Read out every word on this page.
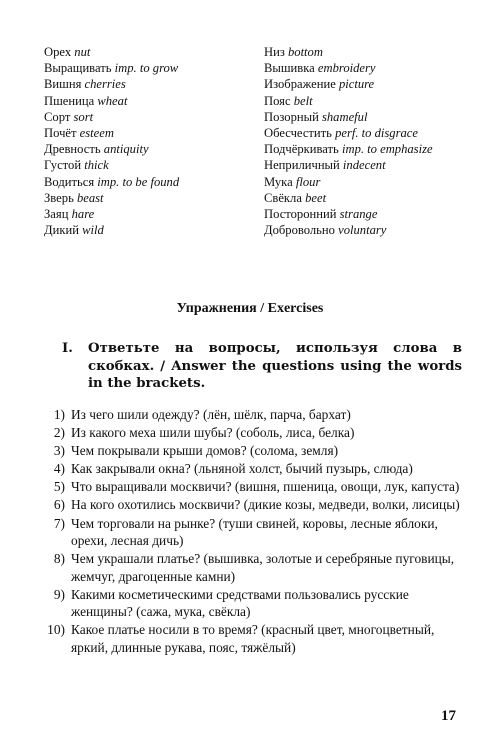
Орех nut
Выращивать imp. to grow
Вишня cherries
Пшеница wheat
Сорт sort
Почёт esteem
Древность antiquity
Густой thick
Водиться imp. to be found
Зверь beast
Заяц hare
Дикий wild
Низ bottom
Вышивка embroidery
Изображение picture
Пояс belt
Позорный shameful
Обесчестить perf. to disgrace
Подчёркивать imp. to emphasize
Неприличный indecent
Мука flour
Свёкла beet
Посторонний strange
Добровольно voluntary
Упражнения / Exercises
I. Ответьте на вопросы, используя слова в скобках. / Answer the questions using the words in the brackets.
1) Из чего шили одежду? (лён, шёлк, парча, бархат)
2) Из какого меха шили шубы? (соболь, лиса, белка)
3) Чем покрывали крыши домов? (солома, земля)
4) Как закрывали окна? (льняной холст, бычий пузырь, слюда)
5) Что выращивали москвичи? (вишня, пшеница, овощи, лук, капуста)
6) На кого охотились москвичи? (дикие козы, медведи, волки, лисицы)
7) Чем торговали на рынке? (туши свиней, коровы, лесные яблоки, орехи, лесная дичь)
8) Чем украшали платье? (вышивка, золотые и серебряные пуговицы, жемчуг, драгоценные камни)
9) Какими косметическими средствами пользовались русские женщины? (сажа, мука, свёкла)
10) Какое платье носили в то время? (красный цвет, многоцветный, яркий, длинные рукава, пояс, тяжёлый)
17
